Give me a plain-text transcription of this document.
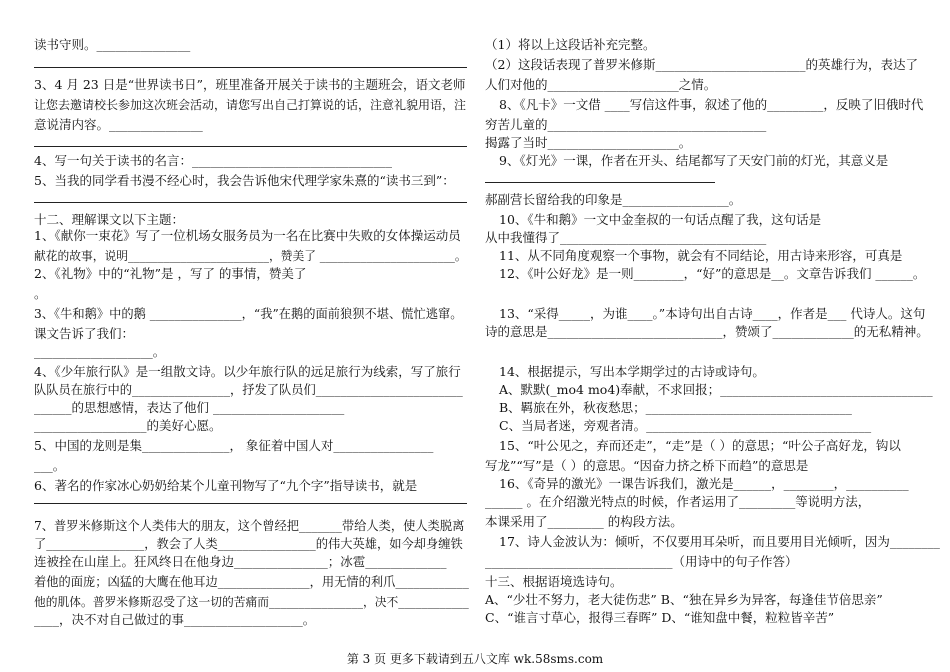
读书守则。_______________
3、4 月 23 日是“世界读书日”，班里准备开展关于读书的主题班会，语文老师
让您去邀请校长参加这次班会活动，请您写出自己打算说的话，注意礼貌用语，注
意说清内容。_______________
4、写一句关于读书的名言：________________________________
5、当我的同学看书漫不经心时，我会告诉他宋代理学家朱熹的“读书三到”：
十二、理解课文以下主题：
1、《献你一束花》写了一位机场女服务员为一名在比赛中失败的女体操运动员
献花的故事，说明________________________，赞美了 _______________________。
2、《礼物》中的“礼物”是 ，写了 的事情，赞美了
。
3、《牛和鹅》中的鹅 _______________，“我”在鹅的面前狼狈不堪、慌忙逃窜。
课文告诉了我们：
___________________。
4、《少年旅行队》是一组散文诗。以少年旅行队的远足旅行为线索，写了旅行
队队员在旅行中的________________，抒发了队员们________________________
______的思想感情，表达了他们 _____________________
__________________的美好心愿。
5、中国的龙则是集______________， 象征着中国人对________________
___。
6、著名的作家冰心奶奶给某个儿童刊物写了“九个字”指导读书，就是
7、普罗米修斯这个人类伟大的朋友，这个曾经把_______带给人类，使人类脱离
了________________，教会了人类________________的伟大英雄，如今却身缠铁
连被拴在山崖上。狂风终日在他身边_______________；冰雹_____________
着他的面庞；凶猛的大鹰在他耳边_______________，用无情的利爪____________
他的肌体。普罗米修斯忍受了这一切的苦痛而________________，决不____________
____，决不对自己做过的事___________________。
（1）将以上这段话补充完整。
（2）这段话表现了普罗米修斯________________________的英雄行为，表达了
人们对他的_____________________之情。
8、《凡卡》一文借 ____写信这件事，叙述了他的_________，反映了旧俄时代
穷苦儿童的___________________________________
揭露了当时_____________________。
9、《灯光》一课，作者在开头、结尾都写了天安门前的灯光，其意义是
郝副营长留给我的印象是_________________。
10、《牛和鹅》一文中金奎叔的一句话点醒了我，这句话是
从中我懂得了_________________________________
11、从不同角度观察一个事物，就会有不同结论，用古诗来形容，可真是
12、《叶公好龙》是一则________，“好”的意思是__。文章告诉我们 ______。
13、“采得_____，为谁____。”本诗句出自古诗____，作者是___ 代诗人。这句
诗的意思是____________________________，赞颂了_____________的无私精神。
14、根据提示，写出本学期学过的古诗或诗句。
A、默默(_mo4 mo4)奉献，不求回报；__________________________________
B、羁旅在外，秋夜愁思；_________________________________
C、当局者迷，旁观者清。____________________________________
15、“叶公见之，弃而还走”，“走”是（ ）的意思；“叶公子高好龙，钩以
写龙”“写”是（ ）的意思。“因奋力挤之桥下而趋”的意思是
16、《奇异的激光》一课告诉我们，激光是______，________，__________
______ 。在介绍激光特点的时候，作者运用了_________等说明方法，
本课采用了_________ 的构段方法。
17、诗人金波认为：倾听，不仅要用耳朵听，而且要用目光倾听，因为________
______________________________（用诗中的句子作答）
十三、根据语境选诗句。
A、“少壮不努力，老大徒伤悲” B、“独在异乡为异客，每逢佳节倍思亲”
C、“谁言寸草心，报得三春晖” D、“谁知盘中餐，粒粒皆辛苦”
第 3 页 更多下载请到五八文库 wk.58sms.com
